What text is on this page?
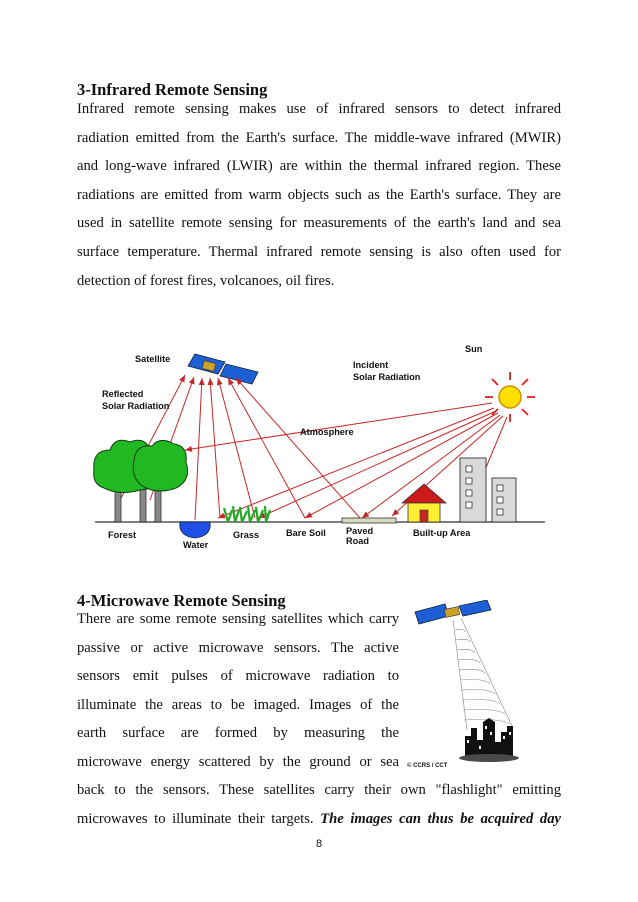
3-Infrared Remote Sensing

Infrared remote sensing makes use of infrared sensors to detect infrared
radiation emitted from the Earth's surface. The middle-wave infrared (MWIR)
and long-wave infrared (LWIR) are within the thermal infrared region. These
radiations are emitted from warm objects such as the Earth's surface. They are
used in satellite remote sensing for measurements of the earth's land and sea
surface temperature. Thermal infrared remote sensing is also often used for
detection of forest fires, volcanoes, oil fires.

Satellite
Sun
Incident
Solar Radiation
Reflected
Solar Radiation
Atmosphere
Forest
Water
Grass	Bare Soil Paved
Road
Built-up Area
4-Microwave Remote Sensing

There are some remote sensing satellites which carry
passive or active microwave sensors. The active
sensors emit pulses of microwave radiation to
illuminate the areas to be imaged. Images of the
earth surface are formed by measuring the
microwave energy scattered by the ground or sea

back to the sensors. These satellites carry their own "flashlight" emitting
microwaves to illuminate their targets. The images can thus be acquired day

© CCRS / CCT
8
